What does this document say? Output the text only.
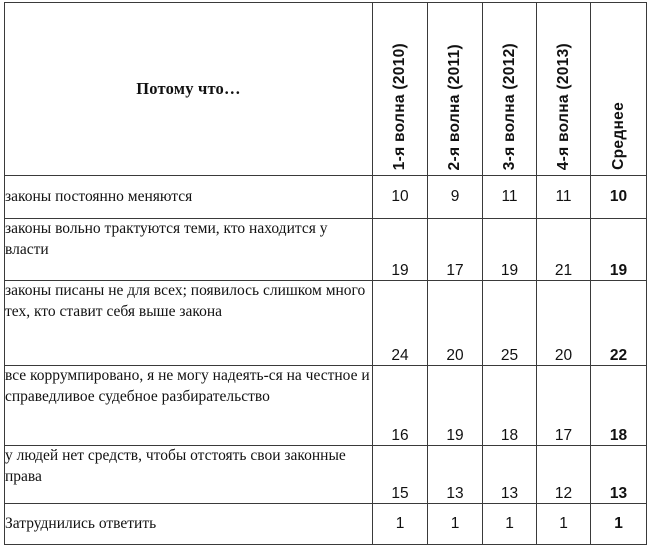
Потому что…	1-я волна (2010)	2-я волна (2011)	3-я волна (2012)	4-я волна (2013)	Среднее
законы постоянно меняются	10	9	11	11	10
законы вольно трактуются теми, кто находится у власти	19	17	19	21	19
законы писаны не для всех; появилось слишком много тех, кто ставит себя выше закона	24	20	25	20	22
все коррумпировано, я не могу надеять-ся на честное и справедливое судебное разбирательство	16	19	18	17	18
у людей нет средств, чтобы отстоять свои законные права	15	13	13	12	13
Затруднились ответить	1	1	1	1	1
